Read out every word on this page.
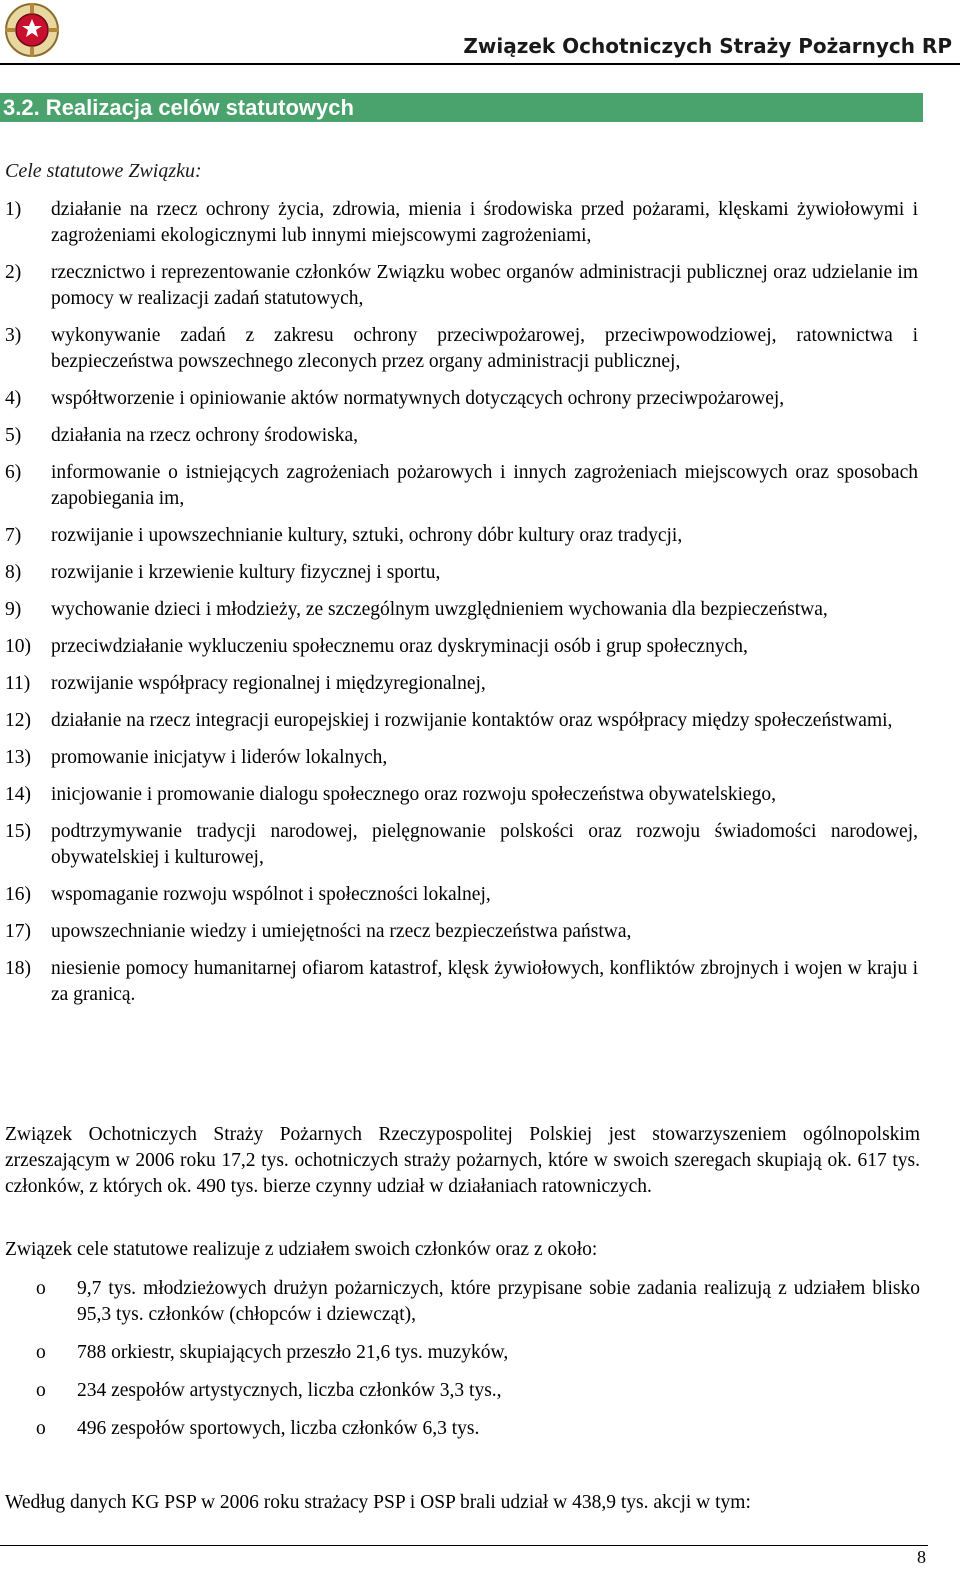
Związek Ochotniczych Straży Pożarnych RP
3.2. Realizacja celów statutowych
Cele statutowe Związku:
1) działanie na rzecz ochrony życia, zdrowia, mienia i środowiska przed pożarami, klęskami żywiołowymi i zagrożeniami ekologicznymi lub innymi miejscowymi zagrożeniami,
2) rzecznictwo i reprezentowanie członków Związku wobec organów administracji publicznej oraz udzielanie im pomocy w realizacji zadań statutowych,
3) wykonywanie zadań z zakresu ochrony przeciwpożarowej, przeciwpowodziowej, ratownictwa i bezpieczeństwa powszechnego zleconych przez organy administracji publicznej,
4) współtworzenie i opiniowanie aktów normatywnych dotyczących ochrony przeciwpożarowej,
5) działania na rzecz ochrony środowiska,
6) informowanie o istniejących zagrożeniach pożarowych i innych zagrożeniach miejscowych oraz sposobach zapobiegania im,
7) rozwijanie i upowszechnianie kultury, sztuki, ochrony dóbr kultury oraz tradycji,
8) rozwijanie i krzewienie kultury fizycznej i sportu,
9) wychowanie dzieci i młodzieży, ze szczególnym uwzględnieniem wychowania dla bezpieczeństwa,
10) przeciwdziałanie wykluczeniu społecznemu oraz dyskryminacji osób i grup społecznych,
11) rozwijanie współpracy regionalnej i międzyregionalnej,
12) działanie na rzecz integracji europejskiej i rozwijanie kontaktów oraz współpracy między społeczeństwami,
13) promowanie inicjatyw i liderów lokalnych,
14) inicjowanie i promowanie dialogu społecznego oraz rozwoju społeczeństwa obywatelskiego,
15) podtrzymywanie tradycji narodowej, pielęgnowanie polskości oraz rozwoju świadomości narodowej, obywatelskiej i kulturowej,
16) wspomaganie rozwoju wspólnot i społeczności lokalnej,
17) upowszechnianie wiedzy i umiejętności na rzecz bezpieczeństwa państwa,
18) niesienie pomocy humanitarnej ofiarom katastrof, klęsk żywiołowych, konfliktów zbrojnych i wojen w kraju i za granicą.
Związek Ochotniczych Straży Pożarnych Rzeczypospolitej Polskiej jest stowarzyszeniem ogólnopolskim zrzeszającym w 2006 roku 17,2 tys. ochotniczych straży pożarnych, które w swoich szeregach skupiają ok. 617 tys. członków, z których ok. 490 tys. bierze czynny udział w działaniach ratowniczych.
Związek cele statutowe realizuje z udziałem swoich członków oraz z około:
o 9,7 tys. młodzieżowych drużyn pożarniczych, które przypisane sobie zadania realizują z udziałem blisko 95,3 tys. członków (chłopców i dziewcząt),
o 788 orkiestr, skupiających przeszło 21,6 tys. muzyków,
o 234 zespołów artystycznych, liczba członków 3,3 tys.,
o 496 zespołów sportowych, liczba członków 6,3 tys.
Według danych KG PSP w 2006 roku strażacy PSP i OSP brali udział w 438,9 tys. akcji w tym:
8
